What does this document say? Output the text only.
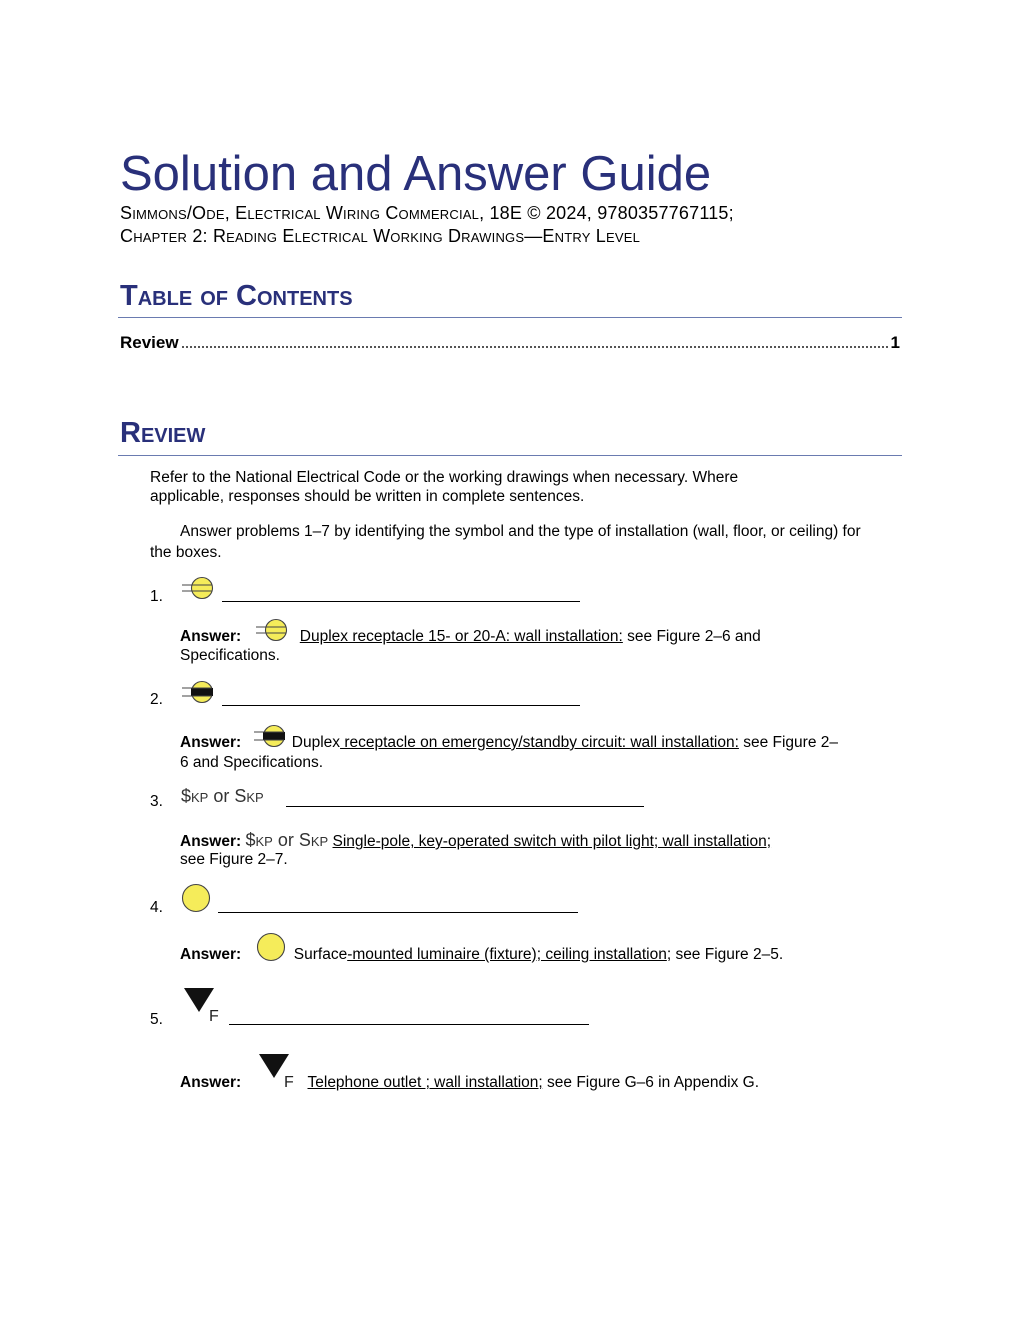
Solution and Answer Guide
Simmons/Ode, Electrical Wiring Commercial, 18E © 2024, 9780357767115;
Chapter 2: Reading Electrical Working Drawings—Entry Level
Table of Contents
Review	1
Review
Refer to the National Electrical Code or the working drawings when necessary. Where applicable, responses should be written in complete sentences.
Answer problems 1–7 by identifying the symbol and the type of installation (wall, floor, or ceiling) for the boxes.
1.
Answer:	Duplex receptacle 15- or 20-A: wall installation: see Figure 2–6 and
Specifications.
2.
Answer:	Duplex receptacle on emergency/standby circuit: wall installation: see Figure 2–
6 and Specifications.
3. $KP or SKP
Answer: $KP or SKP Single-pole, key-operated switch with pilot light; wall installation;
see Figure 2–7.
4.
Answer:	Surface-mounted luminaire (fixture); ceiling installation; see Figure 2–5.
5.	F
Answer:	Telephone outlet ; wall installation; see Figure G–6 in Appendix G.
F
